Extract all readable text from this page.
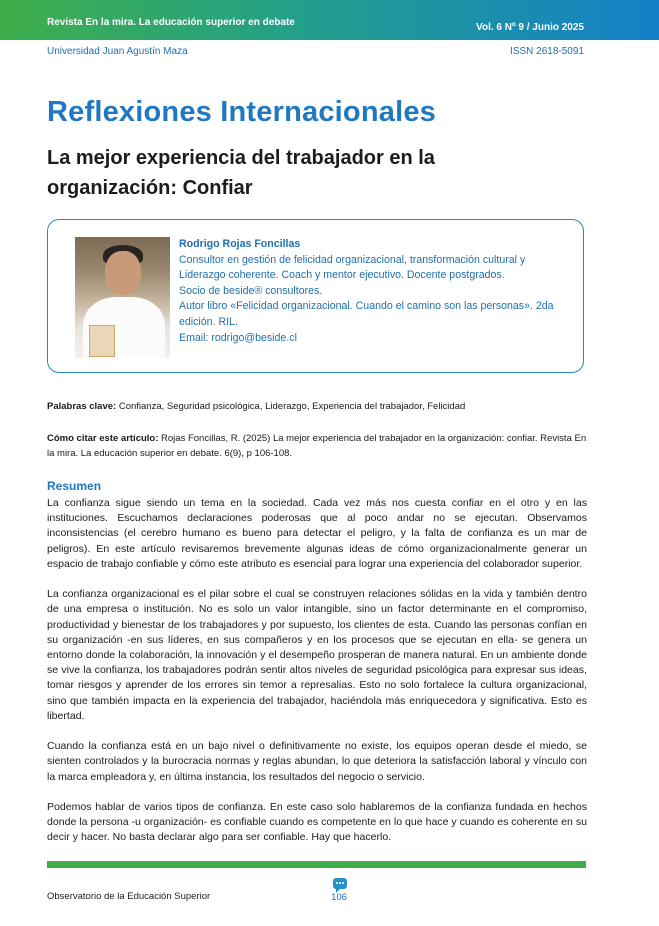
Revista En la mira. La educación superior en debate	Vol. 6 Nº 9 / Junio 2025
Universidad Juan Agustín Maza	ISSN 2618-5091
Reflexiones Internacionales
La mejor experiencia del trabajador en la organización: Confiar
Rodrigo Rojas Foncillas
Consultor en gestión de felicidad organizacional, transformación cultural y Liderazgo coherente. Coach y mentor ejecutivo. Docente postgrados.
Socio de beside® consultores.
Autor libro «Felicidad organizacional. Cuando el camino son las personas». 2da edición. RIL.
Email: rodrigo@beside.cl
Palabras clave: Confianza, Seguridad psicológica, Liderazgo, Experiencia del trabajador, Felicidad
Cómo citar este artículo: Rojas Foncillas, R. (2025) La mejor experiencia del trabajador en la organización: confiar. Revista En la mira. La educación superior en debate. 6(9), p 106-108.
Resumen

La confianza sigue siendo un tema en la sociedad. Cada vez más nos cuesta confiar en el otro y en las instituciones. Escuchamos declaraciones poderosas que al poco andar no se ejecutan. Observamos inconsistencias (el cerebro humano es bueno para detectar el peligro, y la falta de confianza es un mar de peligros). En este artículo revisaremos brevemente algunas ideas de cómo organizacionalmente generar un espacio de trabajo confiable y cómo este atributo es esencial para lograr una experiencia del colaborador superior.

La confianza organizacional es el pilar sobre el cual se construyen relaciones sólidas en la vida y también dentro de una empresa o institución. No es solo un valor intangible, sino un factor determinante en el compromiso, productividad y bienestar de los trabajadores y por supuesto, los clientes de esta. Cuando las personas confían en su organización -en sus líderes, en sus compañeros y en los procesos que se ejecutan en ella- se genera un entorno donde la colaboración, la innovación y el desempeño prosperan de manera natural. En un ambiente donde se vive la confianza, los trabajadores podrán sentir altos niveles de seguridad psicológica para expresar sus ideas, tomar riesgos y aprender de los errores sin temor a represalias. Esto no solo fortalece la cultura organizacional, sino que también impacta en la experiencia del trabajador, haciéndola más enriquecedora y significativa. Esto es libertad.

Cuando la confianza está en un bajo nivel o definitivamente no existe, los equipos operan desde el miedo, se sienten controlados y la burocracia normas y reglas abundan, lo que deteriora la satisfacción laboral y vínculo con la marca empleadora y, en última instancia, los resultados del negocio o servicio.

Podemos hablar de varios tipos de confianza. En este caso solo hablaremos de la confianza fundada en hechos donde la persona -u organización- es confiable cuando es competente en lo que hace y cuando es coherente en su decir y hacer. No basta declarar algo para ser confiable. Hay que hacerlo.

Observatorio de la Educación Superior	106
